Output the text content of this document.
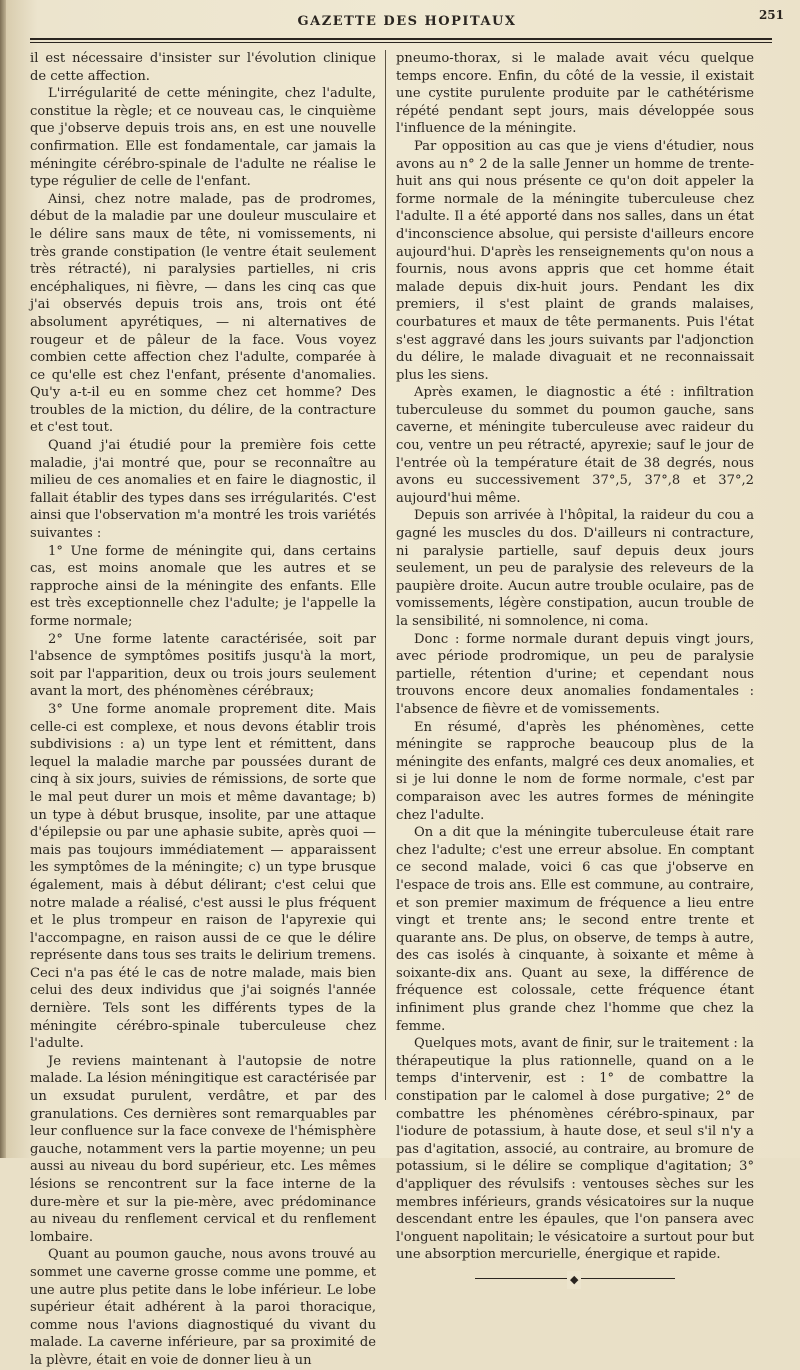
GAZETTE DES HOPITAUX	251

il est nécessaire d'insister sur l'évolution clinique de cette affection.

L'irrégularité de cette méningite, chez l'adulte, constitue la règle; et ce nouveau cas, le cinquième que j'observe depuis trois ans, en est une nouvelle confirmation. Elle est fondamentale, car jamais la méningite cérébro-spinale de l'adulte ne réalise le type régulier de celle de l'enfant.

Ainsi, chez notre malade, pas de prodromes, début de la maladie par une douleur musculaire et le délire sans maux de tête, ni vomissements, ni très grande constipation (le ventre était seulement très rétracté), ni paralysies partielles, ni cris encéphaliques, ni fièvre, — dans les cinq cas que j'ai observés depuis trois ans, trois ont été absolument apyrétiques, — ni alternatives de rougeur et de pâleur de la face. Vous voyez combien cette affection chez l'adulte, comparée à ce qu'elle est chez l'enfant, présente d'anomalies. Qu'y a-t-il eu en somme chez cet homme? Des troubles de la miction, du délire, de la contracture et c'est tout.

Quand j'ai étudié pour la première fois cette maladie, j'ai montré que, pour se reconnaître au milieu de ces anomalies et en faire le diagnostic, il fallait établir des types dans ses irrégularités. C'est ainsi que l'observation m'a montré les trois variétés suivantes :

1° Une forme de méningite qui, dans certains cas, est moins anomale que les autres et se rapproche ainsi de la méningite des enfants. Elle est très exceptionnelle chez l'adulte; je l'appelle la forme normale;

2° Une forme latente caractérisée, soit par l'absence de symptômes positifs jusqu'à la mort, soit par l'apparition, deux ou trois jours seulement avant la mort, des phénomènes cérébraux;

3° Une forme anomale proprement dite. Mais celle-ci est complexe, et nous devons établir trois subdivisions : a) un type lent et rémittent, dans lequel la maladie marche par poussées durant de cinq à six jours, suivies de rémissions, de sorte que le mal peut durer un mois et même davantage; b) un type à début brusque, insolite, par une attaque d'épilepsie ou par une aphasie subite, après quoi — mais pas toujours immédiatement — apparaissent les symptômes de la méningite; c) un type brusque également, mais à début délirant; c'est celui que notre malade a réalisé, c'est aussi le plus fréquent et le plus trompeur en raison de l'apyrexie qui l'accompagne, en raison aussi de ce que le délire représente dans tous ses traits le delirium tremens. Ceci n'a pas été le cas de notre malade, mais bien celui des deux individus que j'ai soignés l'année dernière. Tels sont les différents types de la méningite cérébro-spinale tuberculeuse chez l'adulte.

Je reviens maintenant à l'autopsie de notre malade. La lésion méningitique est caractérisée par un exsudat purulent, verdâtre, et par des granulations. Ces dernières sont remarquables par leur confluence sur la face convexe de l'hémisphère gauche, notamment vers la partie moyenne; un peu aussi au niveau du bord supérieur, etc. Les mêmes lésions se rencontrent sur la face interne de la dure-mère et sur la pie-mère, avec prédominance au niveau du renflement cervical et du renflement lombaire.

Quant au poumon gauche, nous avons trouvé au sommet une caverne grosse comme une pomme, et une autre plus petite dans le lobe inférieur. Le lobe supérieur était adhérent à la paroi thoracique, comme nous l'avions diagnostiqué du vivant du malade. La caverne inférieure, par sa proximité de la plèvre, était en voie de donner lieu à un

pneumo-thorax, si le malade avait vécu quelque temps encore. Enfin, du côté de la vessie, il existait une cystite purulente produite par le cathétérisme répété pendant sept jours, mais développée sous l'influence de la méningite.

Par opposition au cas que je viens d'étudier, nous avons au n° 2 de la salle Jenner un homme de trente-huit ans qui nous présente ce qu'on doit appeler la forme normale de la méningite tuberculeuse chez l'adulte. Il a été apporté dans nos salles, dans un état d'inconscience absolue, qui persiste d'ailleurs encore aujourd'hui. D'après les renseignements qu'on nous a fournis, nous avons appris que cet homme était malade depuis dix-huit jours. Pendant les dix premiers, il s'est plaint de grands malaises, courbatures et maux de tête permanents. Puis l'état s'est aggravé dans les jours suivants par l'adjonction du délire, le malade divaguait et ne reconnaissait plus les siens.

Après examen, le diagnostic a été : infiltration tuberculeuse du sommet du poumon gauche, sans caverne, et méningite tuberculeuse avec raideur du cou, ventre un peu rétracté, apyrexie; sauf le jour de l'entrée où la température était de 38 degrés, nous avons eu successivement 37°,5, 37°,8 et 37°,2 aujourd'hui même.

Depuis son arrivée à l'hôpital, la raideur du cou a gagné les muscles du dos. D'ailleurs ni contracture, ni paralysie partielle, sauf depuis deux jours seulement, un peu de paralysie des releveurs de la paupière droite. Aucun autre trouble oculaire, pas de vomissements, légère constipation, aucun trouble de la sensibilité, ni somnolence, ni coma.

Donc : forme normale durant depuis vingt jours, avec période prodromique, un peu de paralysie partielle, rétention d'urine; et cependant nous trouvons encore deux anomalies fondamentales : l'absence de fièvre et de vomissements.

En résumé, d'après les phénomènes, cette méningite se rapproche beaucoup plus de la méningite des enfants, malgré ces deux anomalies, et si je lui donne le nom de forme normale, c'est par comparaison avec les autres formes de méningite chez l'adulte.

On a dit que la méningite tuberculeuse était rare chez l'adulte; c'est une erreur absolue. En comptant ce second malade, voici 6 cas que j'observe en l'espace de trois ans. Elle est commune, au contraire, et son premier maximum de fréquence a lieu entre vingt et trente ans; le second entre trente et quarante ans. De plus, on observe, de temps à autre, des cas isolés à cinquante, à soixante et même à soixante-dix ans. Quant au sexe, la différence de fréquence est colossale, cette fréquence étant infiniment plus grande chez l'homme que chez la femme.

Quelques mots, avant de finir, sur le traitement : la thérapeutique la plus rationnelle, quand on a le temps d'intervenir, est : 1° de combattre la constipation par le calomel à dose purgative; 2° de combattre les phénomènes cérébro-spinaux, par l'iodure de potassium, à haute dose, et seul s'il n'y a pas d'agitation, associé, au contraire, au bromure de potassium, si le délire se complique d'agitation; 3° d'appliquer des révulsifs : ventouses sèches sur les membres inférieurs, grands vésicatoires sur la nuque descendant entre les épaules, que l'on pansera avec l'onguent napolitain; le vésicatoire a surtout pour but une absorption mercurielle, énergique et rapide.

◆
